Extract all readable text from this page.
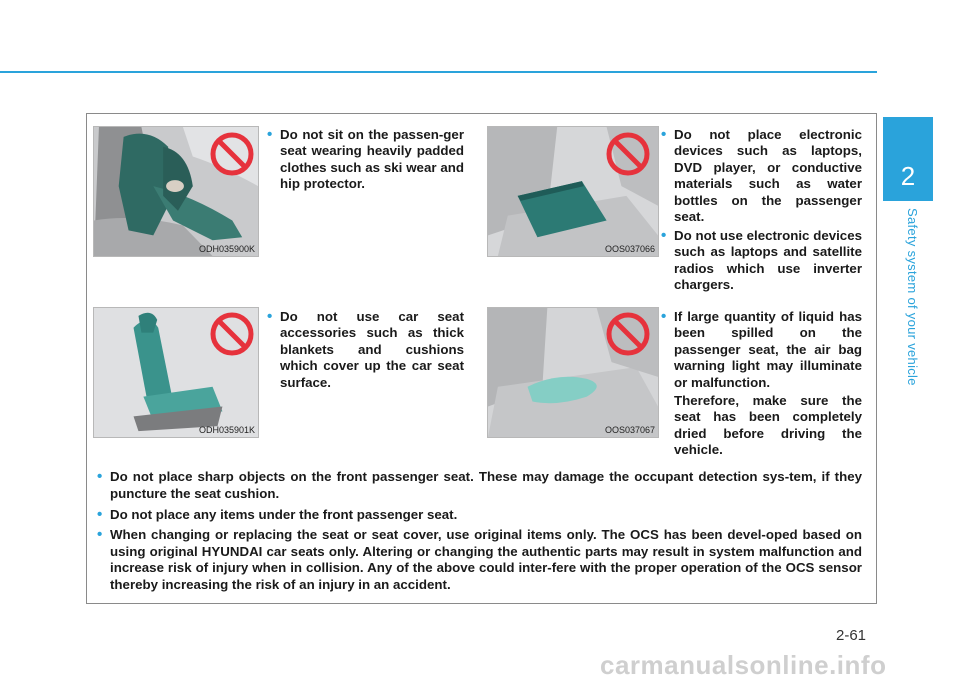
2
Safety system of your vehicle
ODH035900K	OOS037066
ODH035901K	OOS037067
• Do not sit on the passen-ger seat wearing heavily padded clothes such as ski wear and hip protector.

• Do not place electronic devices such as laptops, DVD player, or conductive materials such as water bottles on the passenger seat.

• Do not use electronic devices such as laptops and satellite radios which use inverter chargers.

• Do not use car seat accessories such as thick blankets and cushions which cover up the car seat surface.

• If large quantity of liquid has been spilled on the passenger seat, the air bag warning light may illuminate or malfunction.

Therefore, make sure the seat has been completely dried before driving the vehicle.

• Do not place sharp objects on the front passenger seat. These may damage the occupant detection sys-tem, if they puncture the seat cushion.

• Do not place any items under the front passenger seat.

• When changing or replacing the seat or seat cover, use original items only. The OCS has been devel-oped based on using original HYUNDAI car seats only. Altering or changing the authentic parts may result in system malfunction and increase risk of injury when in collision. Any of the above could inter-fere with the proper operation of the OCS sensor thereby increasing the risk of an injury in an accident.

2-61
carmanualsonline.info
